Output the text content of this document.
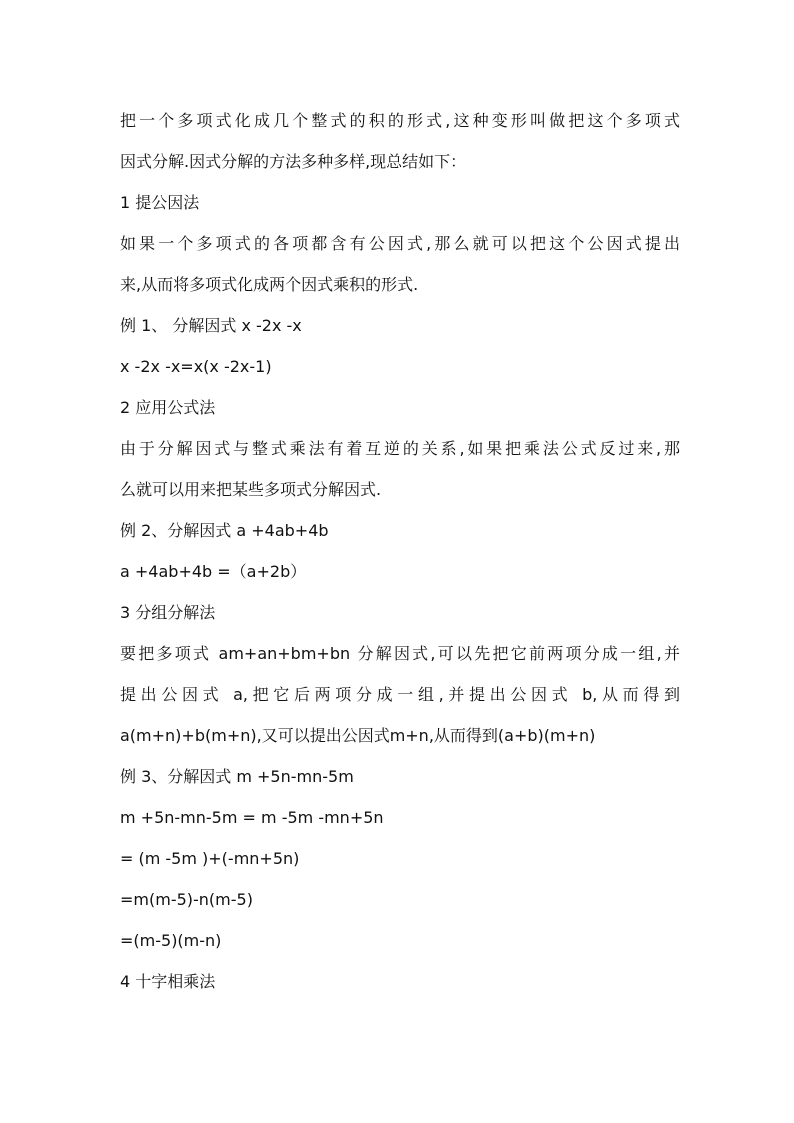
把一个多项式化成几个整式的积的形式,这种变形叫做把这个多项式
因式分解.因式分解的方法多种多样,现总结如下：
1 提公因法
如果一个多项式的各项都含有公因式,那么就可以把这个公因式提出
来,从而将多项式化成两个因式乘积的形式.
例 1、 分解因式 x -2x -x
x -2x -x=x(x -2x-1)
2 应用公式法
由于分解因式与整式乘法有着互逆的关系,如果把乘法公式反过来,那
么就可以用来把某些多项式分解因式.
例 2、分解因式 a +4ab+4b
a +4ab+4b =（a+2b）
3 分组分解法
要把多项式 am+an+bm+bn 分解因式,可以先把它前两项分成一组,并
提出公因式 a,把它后两项分成一组,并提出公因式 b,从而得到
a(m+n)+b(m+n),又可以提出公因式m+n,从而得到(a+b)(m+n)
例 3、分解因式 m +5n-mn-5m
m +5n-mn-5m = m -5m -mn+5n
= (m -5m )+(-mn+5n)
=m(m-5)-n(m-5)
=(m-5)(m-n)
4 十字相乘法
